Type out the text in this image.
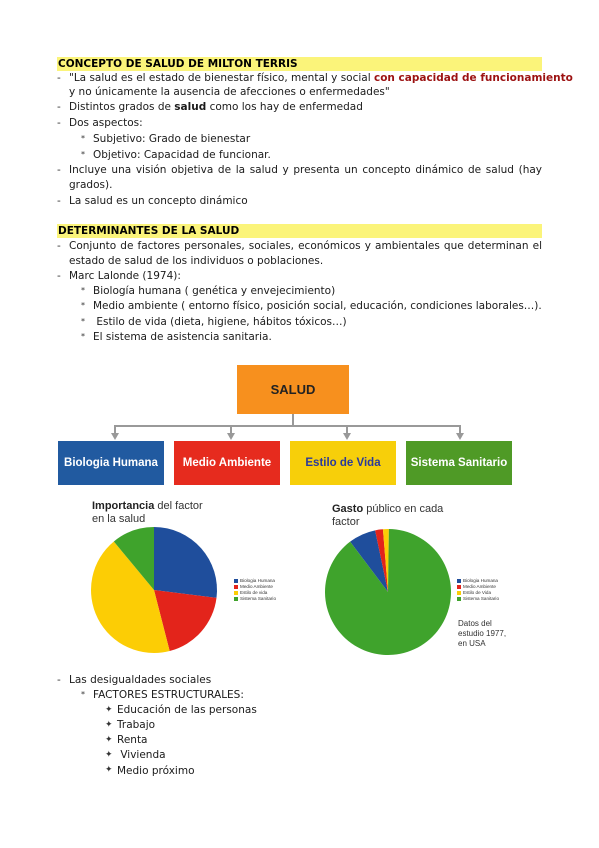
CONCEPTO DE SALUD DE MILTON TERRIS
- "La salud es el estado de bienestar físico, mental y social con capacidad de funcionamiento
y no únicamente la ausencia de afecciones o enfermedades"
- Distintos grados de salud como los hay de enfermedad
- Dos aspectos:
* Subjetivo: Grado de bienestar
* Objetivo: Capacidad de funcionar.
- Incluye una visión objetiva de la salud y presenta un concepto dinámico de salud (hay
grados).
- La salud es un concepto dinámico
DETERMINANTES DE LA SALUD
- Conjunto de factores personales, sociales, económicos y ambientales que determinan el
estado de salud de los individuos o poblaciones.
- Marc Lalonde (1974):
* Biología humana ( genética y envejecimiento)
* Medio ambiente ( entorno físico, posición social, educación, condiciones laborales…).
* Estilo de vida (dieta, higiene, hábitos tóxicos…)
* El sistema de asistencia sanitaria.
SALUD
Biologia Humana Medio Ambiente	Estilo de Vida	Sistema Sanitario
Importancia del factor
en la salud
Biologia Humana
Medio Ambiente
Estilo de vida
Sistema Sanitario
Gasto público en cada
factor
Biologia Humana
Medio Ambiente
Estilo de Vida
Sistema Sanitario
Datos del
estudio 1977,
en USA
- Las desigualdades sociales
* FACTORES ESTRUCTURALES:
✦ Educación de las personas
✦ Trabajo
✦ Renta
✦ Vivienda
✦ Medio próximo
